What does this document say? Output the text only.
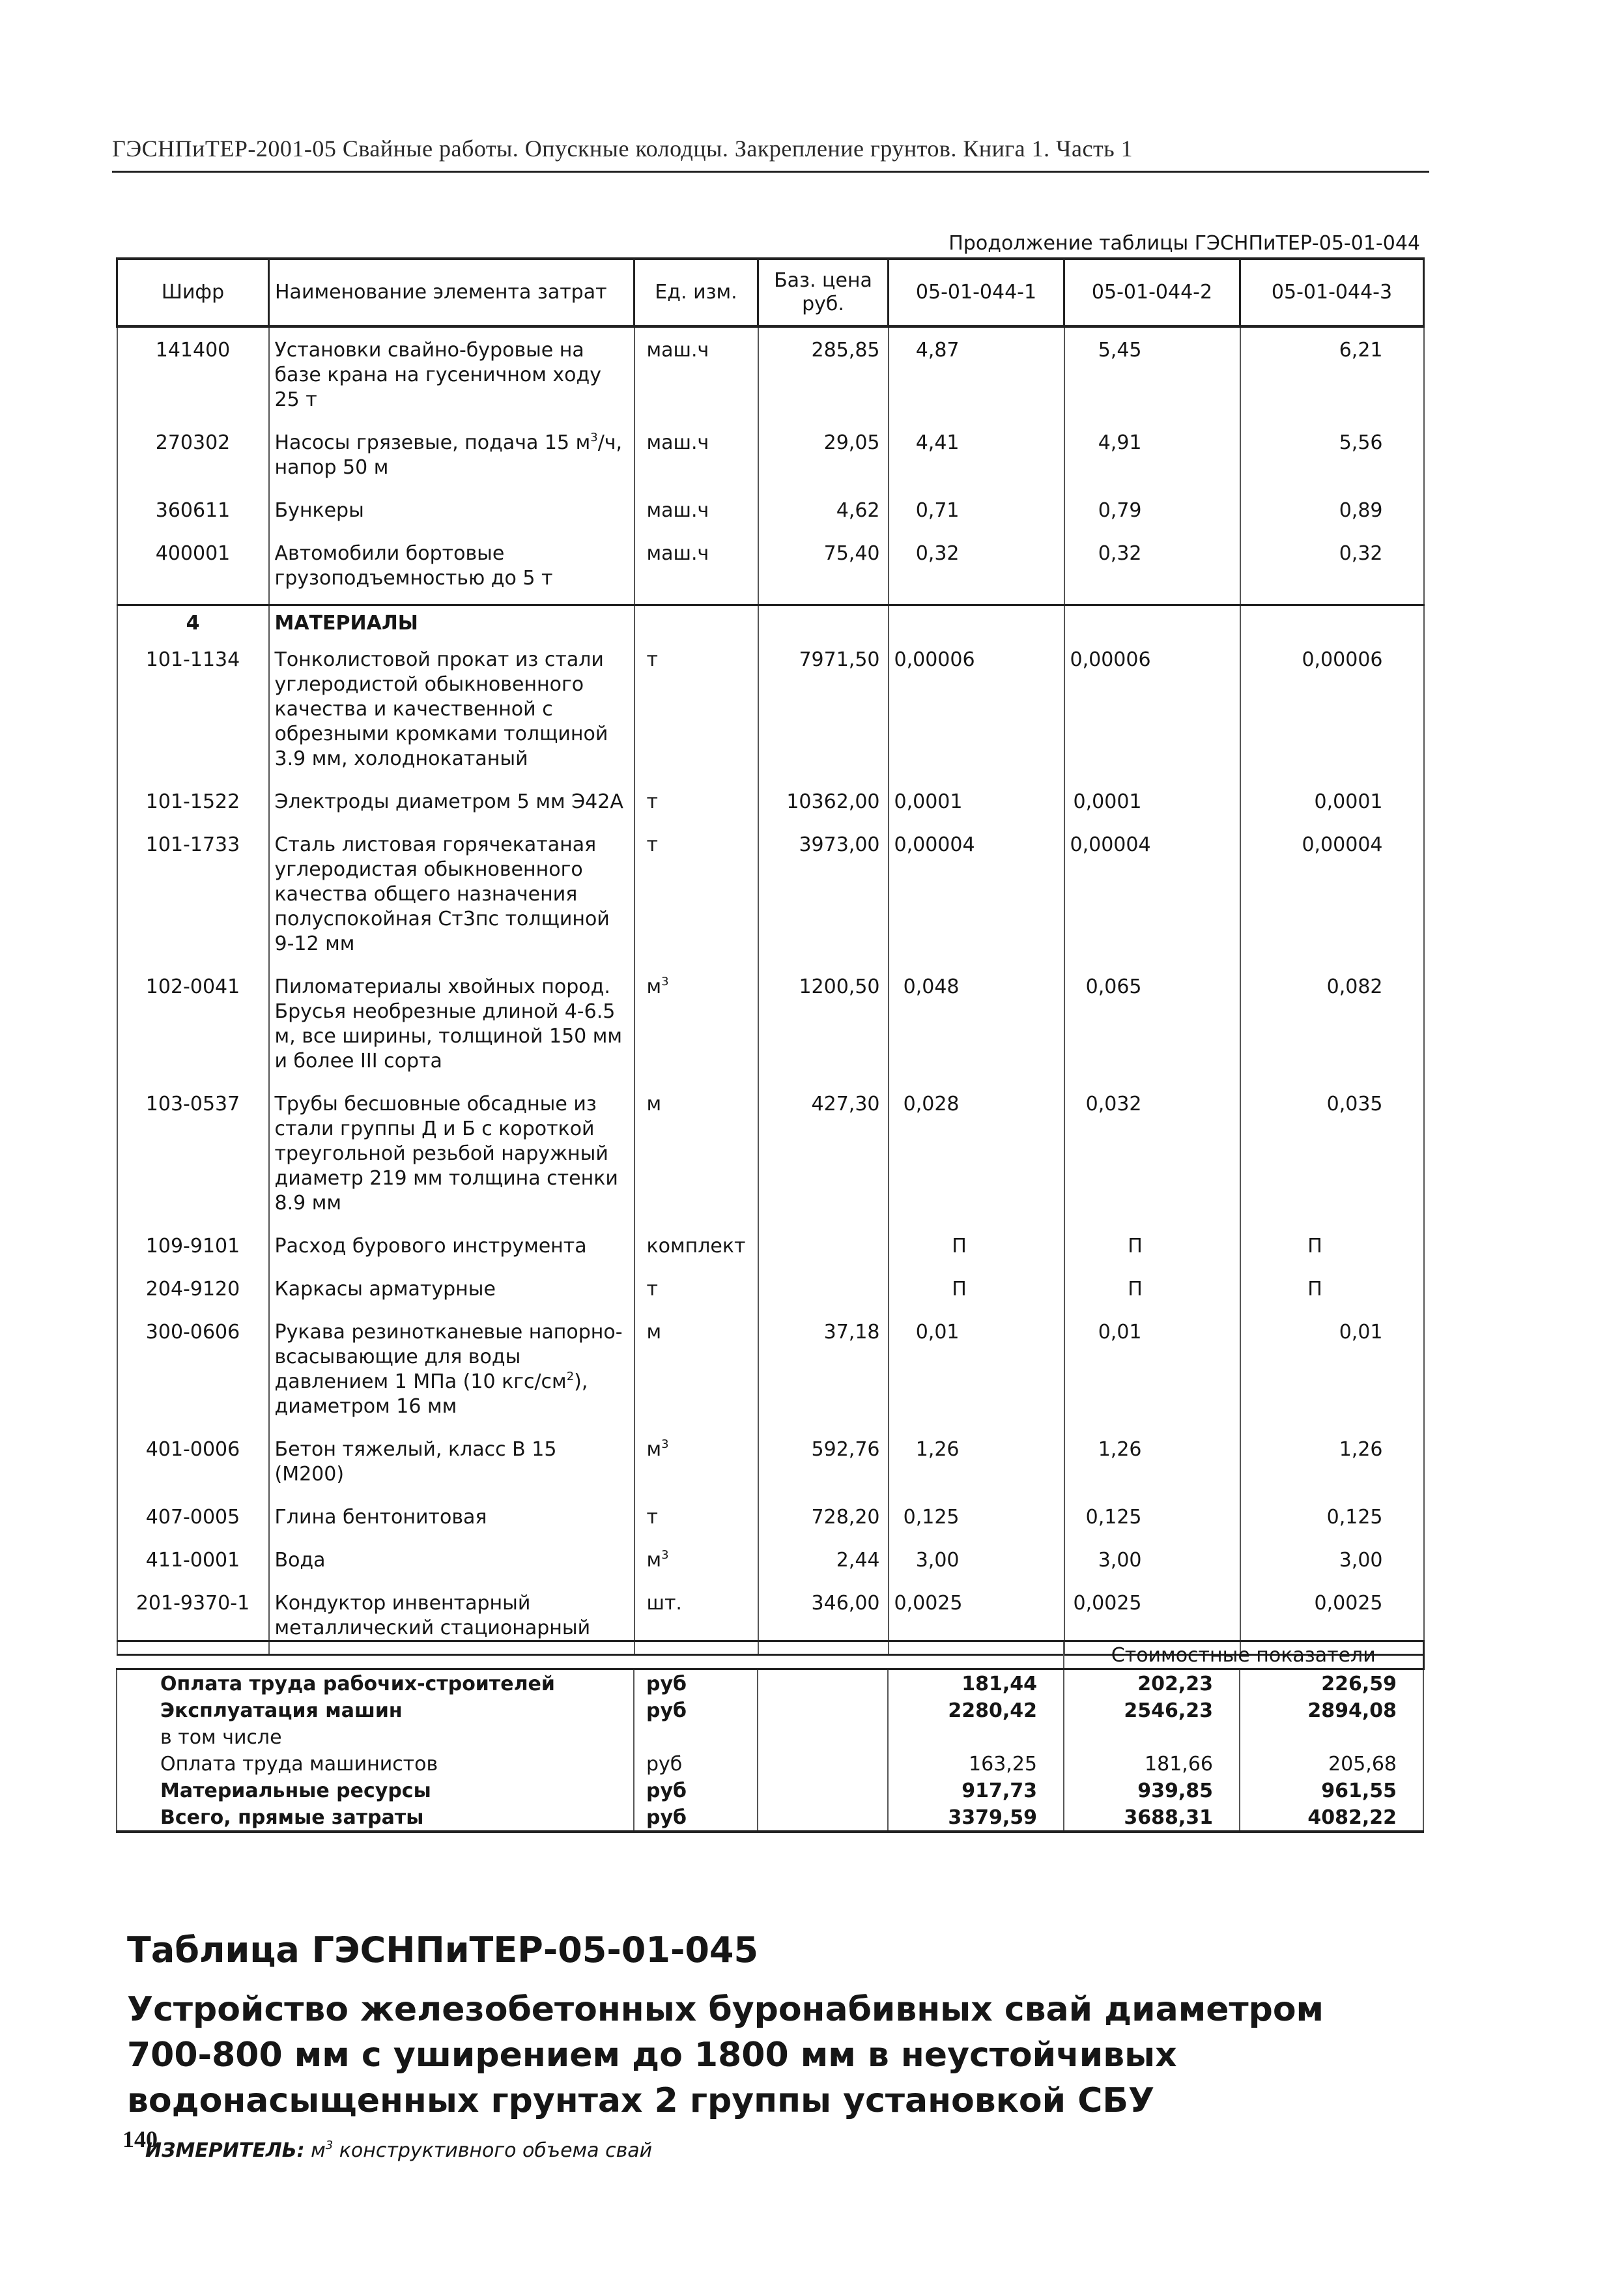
ГЭСНПиТЕР-2001-05 Свайные работы. Опускные колодцы. Закрепление грунтов. Книга 1. Часть 1
Продолжение таблицы ГЭСНПиТЕР-05-01-044
Шифр	Наименование элемента затрат	Ед. изм.	Баз. цена руб.	05-01-044-1	05-01-044-2	05-01-044-3
141400	Установки свайно-буровые на базе крана на гусеничном ходу 25 т	маш.ч	285,85	4,87	5,45	6,21
270302	Насосы грязевые, подача 15 $м^3/ч$, напор 50 м	маш.ч	29,05	4,41	4,91	5,56
360611	Бункеры	маш.ч	4,62	0,71	0,79	0,89
400001	Автомобили бортовые грузоподъемностью до 5 т	маш.ч	75,40	0,32	0,32	0,32
4	МАТЕРИАЛЫ					
101-1134	Тонколистовой прокат из стали углеродистой обыкновенного качества и качественной с обрезными кромками толщиной 3.9 мм, холоднокатаный	т	7971,50	0,00006	0,00006	0,00006
101-1522	Электроды диаметром 5 мм Э42А	т	10362,00	0,0001	0,0001	0,0001
101-1733	Сталь листовая горячекатаная углеродистая обыкновенного качества общего назначения полуспокойная Ст3пс толщиной 9-12 мм	т	3973,00	0,00004	0,00004	0,00004
102-0041	Пиломатериалы хвойных пород. Брусья необрезные длиной 4-6.5 м, все ширины, толщиной 150 мм и более III сорта	$м^3$	1200,50	0,048	0,065	0,082
103-0537	Трубы бесшовные обсадные из стали группы Д и Б с короткой треугольной резьбой наружный диаметр 219 мм толщина стенки 8.9 мм	м	427,30	0,028	0,032	0,035
109-9101	Расход бурового инструмента	комплект		П	П	П
204-9120	Каркасы арматурные	т		П	П	П
300-0606	Рукава резинотканевые напорно-всасывающие для воды давлением 1 МПа (10 кгс/$см^2$), диаметром 16 мм	м	37,18	0,01	0,01	0,01
401-0006	Бетон тяжелый, класс В 15 (М200)	$м^3$	592,76	1,26	1,26	1,26
407-0005	Глина бентонитовая	т	728,20	0,125	0,125	0,125
411-0001	Вода	$м^3$	2,44	3,00	3,00	3,00
201-9370-1	Кондуктор инвентарный металлический стационарный	шт.	346,00	0,0025	0,0025	0,0025
				Стоимостные показатели	
Оплата труда рабочих-строителей	руб		181,44	202,23	226,59
Эксплуатация машин	руб		2280,42	2546,23	2894,08
в том числе					
Оплата труда машинистов	руб		163,25	181,66	205,68
Материальные ресурсы	руб		917,73	939,85	961,55
Всего, прямые затраты	руб		3379,59	3688,31	4082,22
Таблица ГЭСНПиТЕР-05-01-045
Устройство железобетонных буронабивных свай диаметром
700-800 мм с уширением до 1800 мм в неустойчивых
водонасыщенных грунтах 2 группы установкой СБУ
ИЗМЕРИТЕЛЬ: $м^3$ конструктивного объема свай
140
